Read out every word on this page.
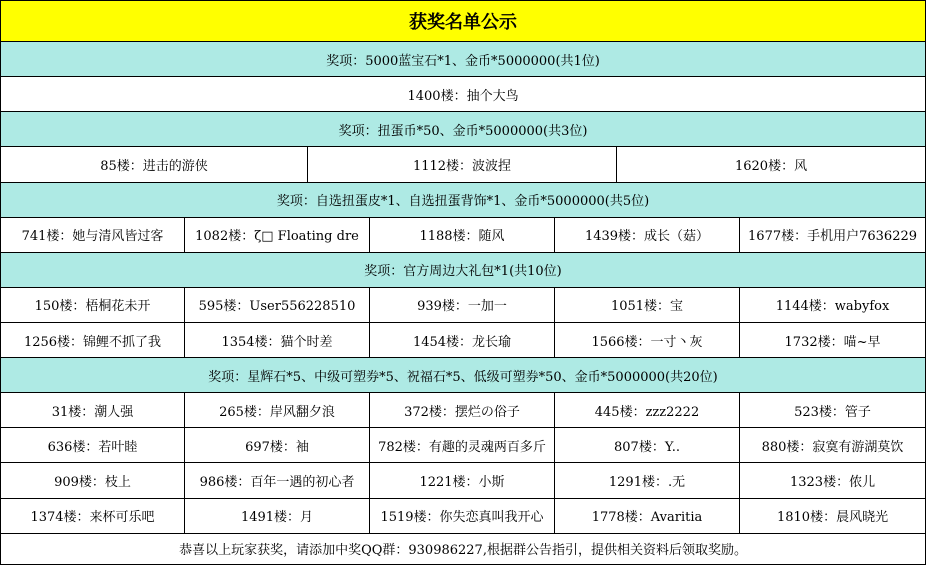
获奖名单公示						
奖项：5000蓝宝石*1、金币*5000000(共1位)						
1400楼：抽个大鸟						
奖项：扭蛋币*50、金币*5000000(共3位)						
85楼：进击的游侠		1112楼：波波捏			1620楼：风	
奖项：自选扭蛋皮*1、自选扭蛋背饰*1、金币*5000000(共5位)						
741楼：她与清风皆过客	1082楼：ζ□ Floating dre		1188楼：随风	1439楼：成长（菇）		1677楼：手机用户7636229
奖项：官方周边大礼包*1(共10位)						
150楼：梧桐花未开	595楼：User556228510		939楼：一加一	1051楼：宝		1144楼：wabyfox
1256楼：锦鲤不抓了我	1354楼：猫个时差		1454楼：龙长瑜	1566楼：一寸丶灰		1732楼：喵~早
奖项：星辉石*5、中级可塑券*5、祝福石*5、低级可塑券*50、金币*5000000(共20位)						
31楼：潮人强	265楼：岸风翻夕浪		372楼：摆烂の俗子	445楼：zzz2222		523楼：管子
636楼：若叶睦	697楼：袖		782楼：有趣的灵魂两百多斤	807楼：Y..		880楼：寂寞有游湖莫饮
909楼：枝上	986楼：百年一遇的初心者		1221楼：小斯	1291楼：.无		1323楼：侬儿
1374楼：来杯可乐吧	1491楼：月		1519楼：你失恋真叫我开心	1778楼：Avaritia		1810楼：晨风晓光
恭喜以上玩家获奖，请添加中奖QQ群：930986227,根据群公告指引，提供相关资料后领取奖励。						
